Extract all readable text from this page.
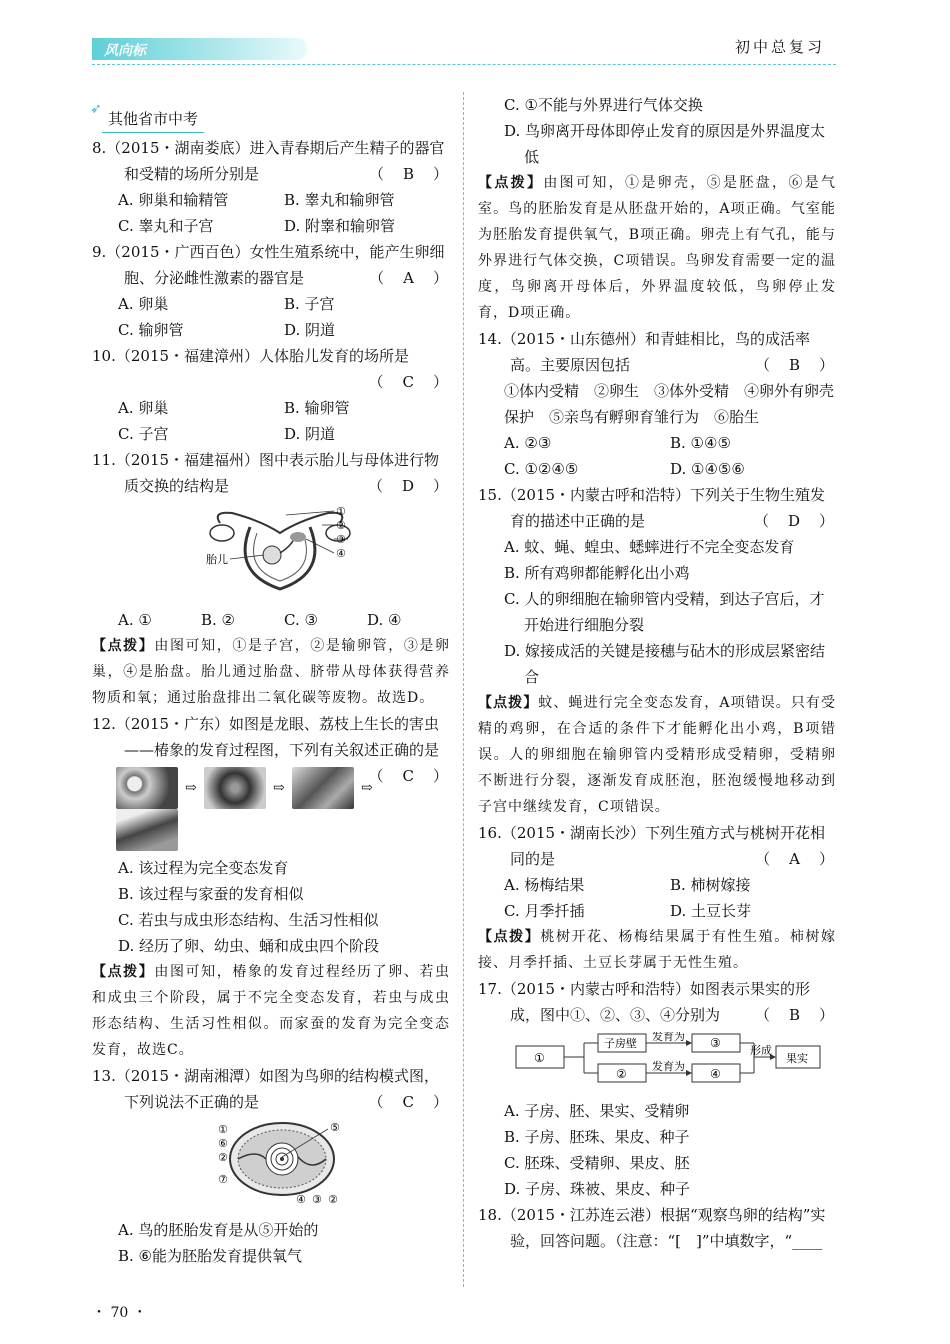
风向标	初中总复习
➶
其他省市中考
8.（2015・湖南娄底）进入青春期后产生精子的器官和受精的场所分别是	（　B　）
A. 卵巢和输精管	B. 睾丸和输卵管
C. 睾丸和子宫	D. 附睾和输卵管
9.（2015・广西百色）女性生殖系统中，能产生卵细胞、分泌雌性激素的器官是	（　A　）
A. 卵巢	B. 子宫
C. 输卵管	D. 阴道
10.（2015・福建漳州）人体胎儿发育的场所是
（　C　）
A. 卵巢	B. 输卵管
C. 子宫	D. 阴道
11.（2015・福建福州）图中表示胎儿与母体进行物质交换的结构是	（　D　）
①
②
③
④
胎儿
A. ①	B. ②	C. ③	D. ④
【点拨】由图可知，①是子宫，②是输卵管，③是卵巢，④是胎盘。胎儿通过胎盘、脐带从母体获得营养物质和氧；通过胎盘排出二氧化碳等废物。故选D。
12.（2015・广东）如图是龙眼、荔枝上生长的害虫——椿象的发育过程图，下列有关叙述正确的是
（　C　）
⇨	⇨	⇨
A. 该过程为完全变态发育
B. 该过程与家蚕的发育相似
C. 若虫与成虫形态结构、生活习性相似
D. 经历了卵、幼虫、蛹和成虫四个阶段
【点拨】由图可知，椿象的发育过程经历了卵、若虫和成虫三个阶段，属于不完全变态发育，若虫与成虫形态结构、生活习性相似。而家蚕的发育为完全变态发育，故选C。
13.（2015・湖南湘潭）如图为鸟卵的结构模式图，下列说法不正确的是	（　C　）
①
⑥
②
⑦
⑤
④ ③ ②
A. 鸟的胚胎发育是从⑤开始的
B. ⑥能为胚胎发育提供氧气
C. ①不能与外界进行气体交换
D. 鸟卵离开母体即停止发育的原因是外界温度太低
【点拨】由图可知，①是卵壳，⑤是胚盘，⑥是气室。鸟的胚胎发育是从胚盘开始的，A项正确。气室能为胚胎发育提供氧气，B项正确。卵壳上有气孔，能与外界进行气体交换，C项错误。鸟卵发育需要一定的温度，鸟卵离开母体后，外界温度较低，鸟卵停止发育，D项正确。
14.（2015・山东德州）和青蛙相比，鸟的成活率高。主要原因包括	（　B　）
①体内受精　②卵生　③体外受精　④卵外有卵壳保护　⑤亲鸟有孵卵育雏行为　⑥胎生
A. ②③	B. ①④⑤
C. ①②④⑤	D. ①④⑤⑥
15.（2015・内蒙古呼和浩特）下列关于生物生殖发育的描述中正确的是	（　D　）
A. 蚊、蝇、蝗虫、蟋蟀进行不完全变态发育
B. 所有鸡卵都能孵化出小鸡
C. 人的卵细胞在输卵管内受精，到达子宫后，才开始进行细胞分裂
D. 嫁接成活的关键是接穗与砧木的形成层紧密结合
【点拨】蚊、蝇进行完全变态发育，A项错误。只有受精的鸡卵，在合适的条件下才能孵化出小鸡，B项错误。人的卵细胞在输卵管内受精形成受精卵，受精卵不断进行分裂，逐渐发育成胚泡，胚泡缓慢地移动到子宫中继续发育，C项错误。
16.（2015・湖南长沙）下列生殖方式与桃树开花相同的是	（　A　）
A. 杨梅结果	B. 柿树嫁接
C. 月季扦插	D. 土豆长芽
【点拨】桃树开花、杨梅结果属于有性生殖。柿树嫁接、月季扦插、土豆长芽属于无性生殖。
17.（2015・内蒙古呼和浩特）如图表示果实的形成，图中①、②、③、④分别为 （　B　）
①
子房壁
②
③
④
果实
发育为
发育为
形成
A. 子房、胚、果实、受精卵
B. 子房、胚珠、果皮、种子
C. 胚珠、受精卵、果皮、胚
D. 子房、珠被、果皮、种子
18.（2015・江苏连云港）根据“观察鸟卵的结构”实验，回答问题。（注意：“[　]”中填数字，“____
・ 70 ・
